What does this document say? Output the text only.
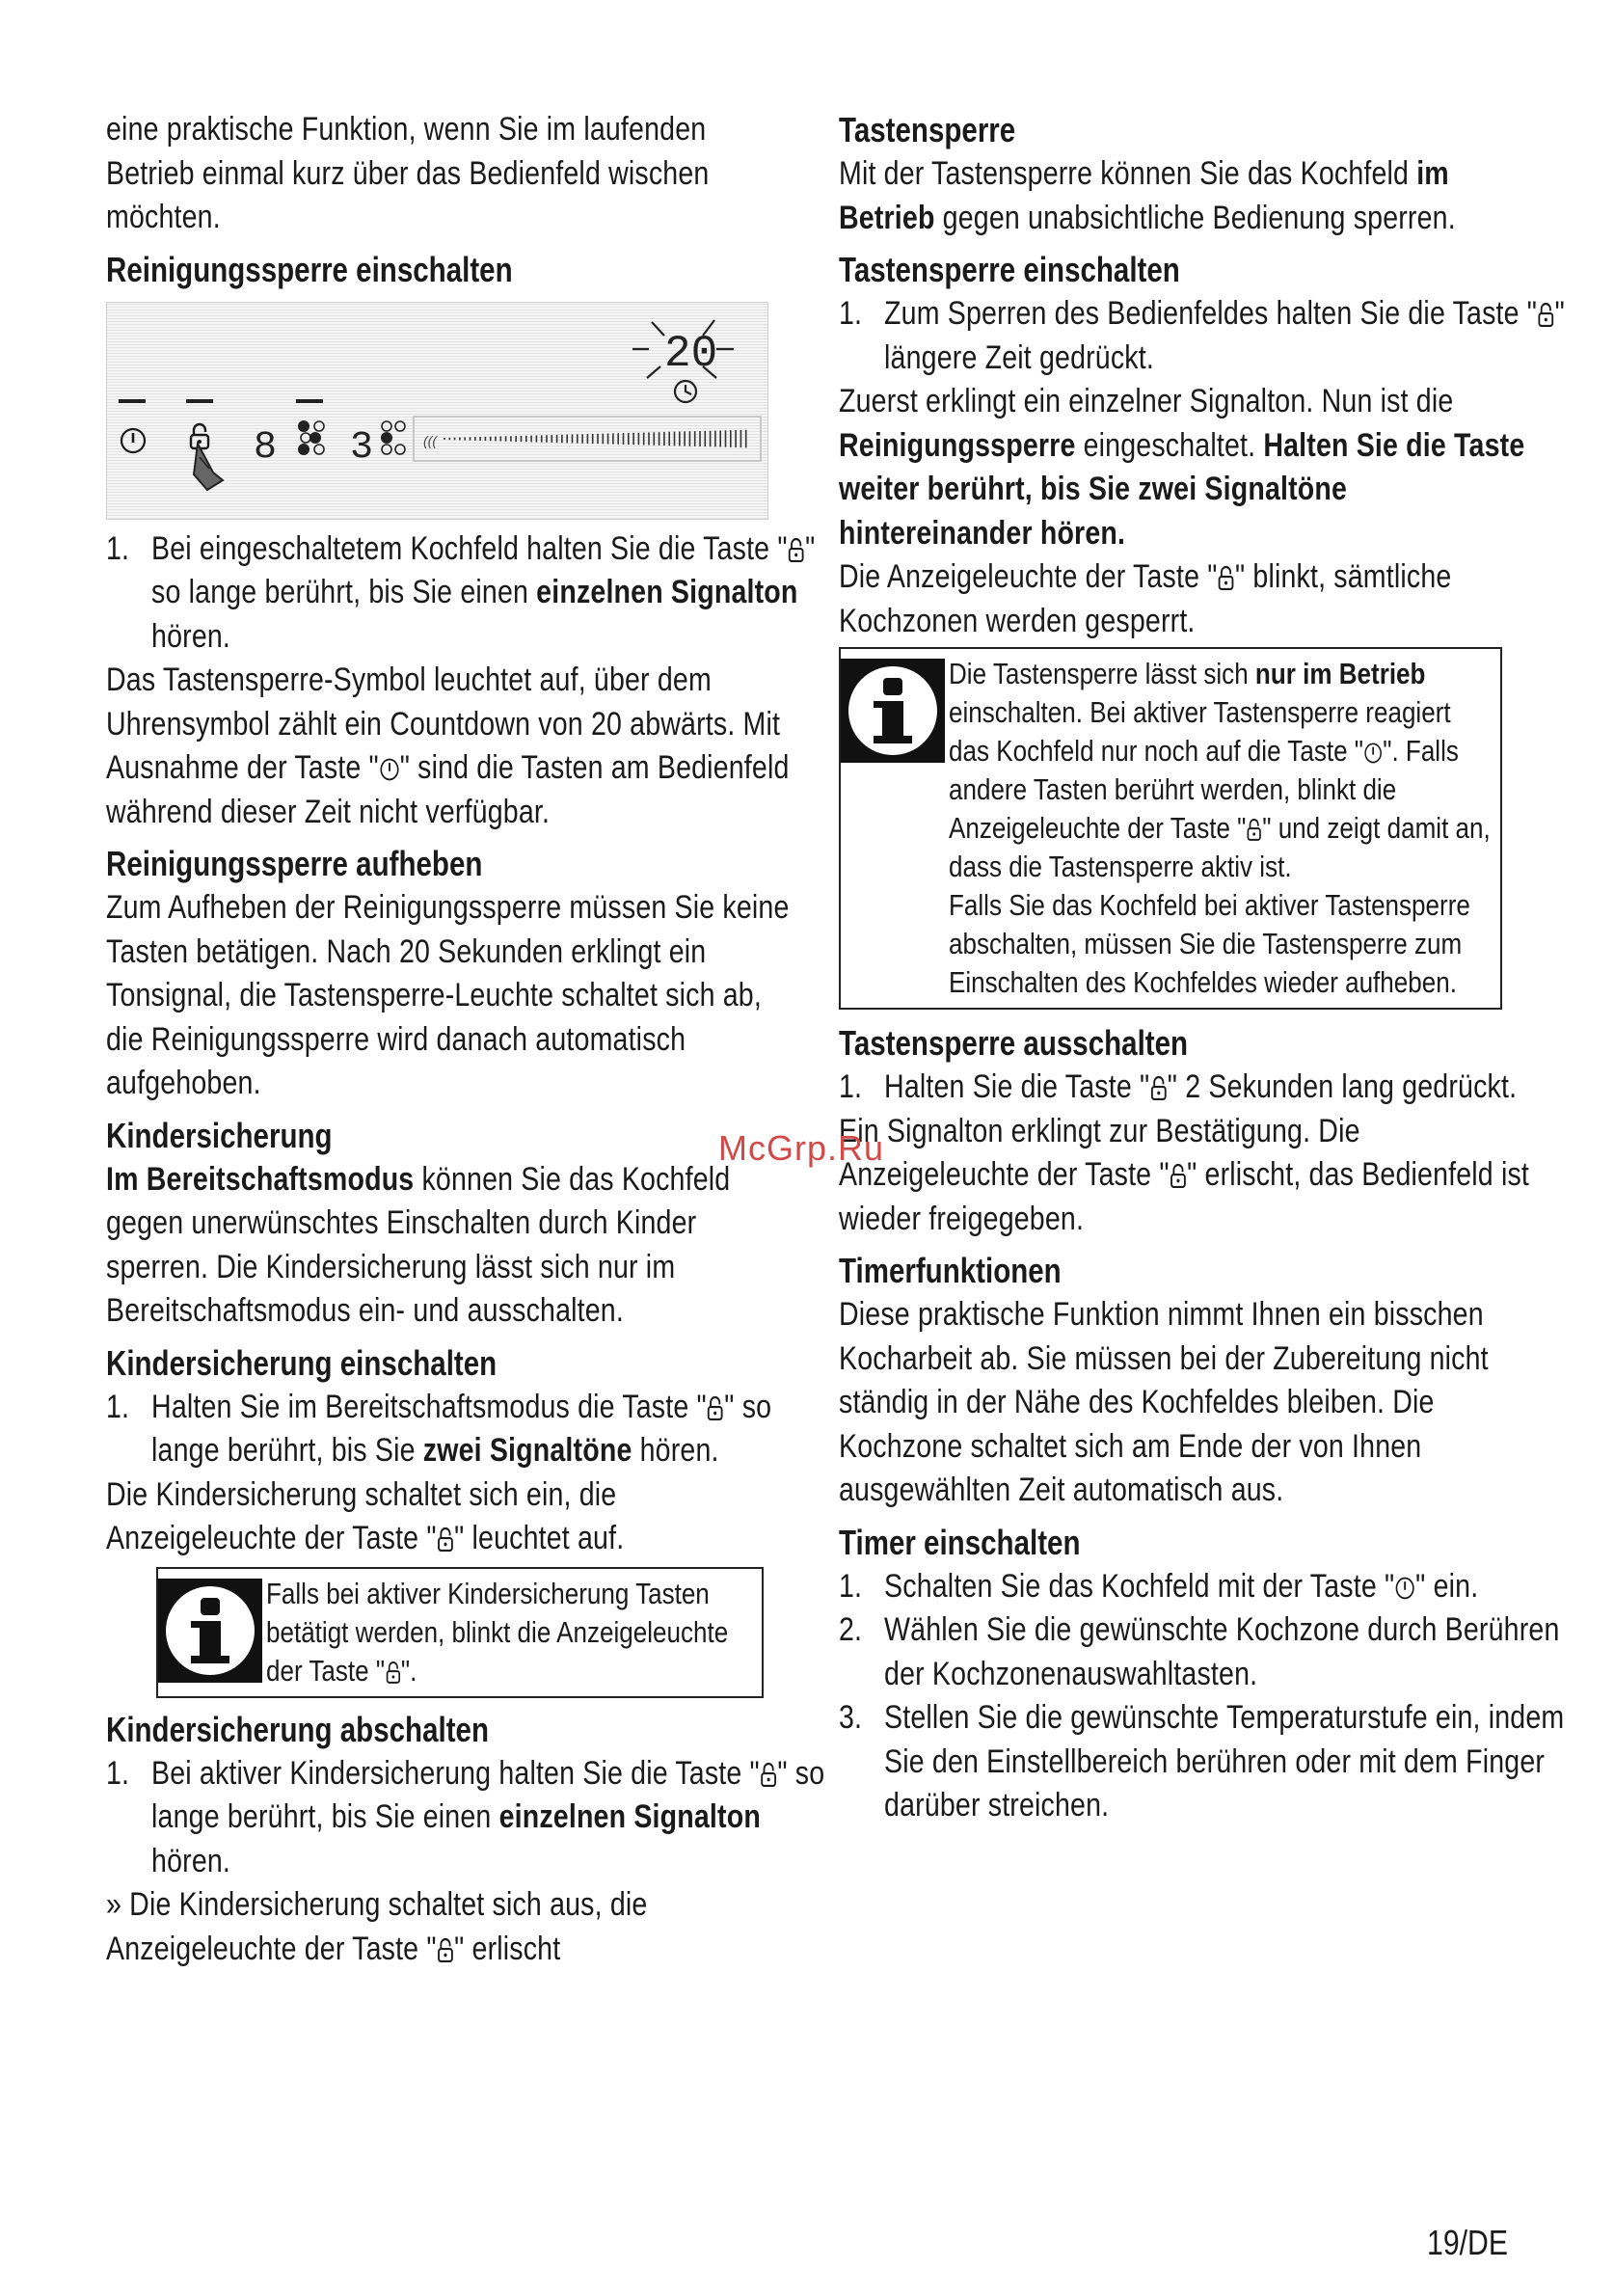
eine praktische Funktion, wenn Sie im laufenden Betrieb einmal kurz über das Bedienfeld wischen möchten.

Reinigungssperre einschalten
20
8 3	(((
1. Bei eingeschaltetem Kochfeld halten Sie die Taste " " so lange berührt, bis Sie einen einzelnen Signalton hören.

Das Tastensperre-Symbol leuchtet auf, über dem Uhrensymbol zählt ein Countdown von 20 abwärts. Mit Ausnahme der Taste " " sind die Tasten am Bedienfeld während dieser Zeit nicht verfügbar.

Reinigungssperre aufheben

Zum Aufheben der Reinigungssperre müssen Sie keine Tasten betätigen. Nach 20 Sekunden erklingt ein Tonsignal, die Tastensperre-Leuchte schaltet sich ab, die Reinigungssperre wird danach automatisch aufgehoben.

Kindersicherung

Im Bereitschaftsmodus können Sie das Kochfeld gegen unerwünschtes Einschalten durch Kinder sperren. Die Kindersicherung lässt sich nur im Bereitschaftsmodus ein- und ausschalten.

Kindersicherung einschalten
1. Halten Sie im Bereitschaftsmodus die Taste " " so lange berührt, bis Sie zwei Signaltöne hören.

Die Kindersicherung schaltet sich ein, die Anzeigeleuchte der Taste " " leuchtet auf.

Falls bei aktiver Kindersicherung Tasten betätigt werden, blinkt die Anzeigeleuchte der Taste " ".

Kindersicherung abschalten
1. Bei aktiver Kindersicherung halten Sie die Taste " " so lange berührt, bis Sie einen einzelnen Signalton hören.

» Die Kindersicherung schaltet sich aus, die Anzeigeleuchte der Taste " " erlischt

Tastensperre

Mit der Tastensperre können Sie das Kochfeld im Betrieb gegen unabsichtliche Bedienung sperren.

Tastensperre einschalten
1. Zum Sperren des Bedienfeldes halten Sie die Taste " " längere Zeit gedrückt.

Zuerst erklingt ein einzelner Signalton. Nun ist die Reinigungssperre eingeschaltet. Halten Sie die Taste weiter berührt, bis Sie zwei Signaltöne hintereinander hören.

Die Anzeigeleuchte der Taste " " blinkt, sämtliche Kochzonen werden gesperrt.

Die Tastensperre lässt sich nur im Betrieb einschalten. Bei aktiver Tastensperre reagiert das Kochfeld nur noch auf die Taste " ". Falls andere Tasten berührt werden, blinkt die Anzeigeleuchte der Taste " " und zeigt damit an, dass die Tastensperre aktiv ist.

Falls Sie das Kochfeld bei aktiver Tastensperre abschalten, müssen Sie die Tastensperre zum Einschalten des Kochfeldes wieder aufheben.

Tastensperre ausschalten
1. Halten Sie die Taste " " 2 Sekunden lang gedrückt.

Ein Signalton erklingt zur Bestätigung. Die Anzeigeleuchte der Taste " " erlischt, das Bedienfeld ist wieder freigegeben.

Timerfunktionen

Diese praktische Funktion nimmt Ihnen ein bisschen Kocharbeit ab. Sie müssen bei der Zubereitung nicht ständig in der Nähe des Kochfeldes bleiben. Die Kochzone schaltet sich am Ende der von Ihnen ausgewählten Zeit automatisch aus.

Timer einschalten
1. Schalten Sie das Kochfeld mit der Taste " " ein.
2. Wählen Sie die gewünschte Kochzone durch Berühren der Kochzonenauswahltasten.
3. Stellen Sie die gewünschte Temperaturstufe ein, indem Sie den Einstellbereich berühren oder mit dem Finger darüber streichen.
McGrp.Ru
19/DE
